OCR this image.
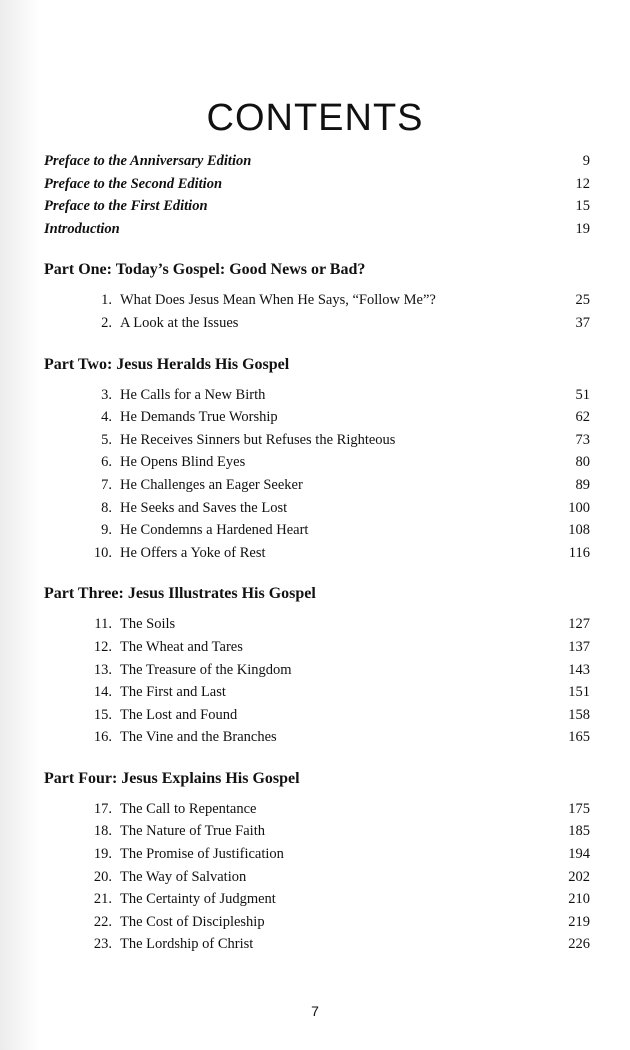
CONTENTS
Preface to the Anniversary Edition	9
Preface to the Second Edition	12
Preface to the First Edition	15
Introduction	19
Part One: Today’s Gospel: Good News or Bad?
1. What Does Jesus Mean When He Says, “Follow Me”?	25
2. A Look at the Issues	37
Part Two: Jesus Heralds His Gospel
3. He Calls for a New Birth	51
4. He Demands True Worship	62
5. He Receives Sinners but Refuses the Righteous	73
6. He Opens Blind Eyes	80
7. He Challenges an Eager Seeker	89
8. He Seeks and Saves the Lost	100
9. He Condemns a Hardened Heart	108
10. He Offers a Yoke of Rest	116
Part Three: Jesus Illustrates His Gospel
11. The Soils	127
12. The Wheat and Tares	137
13. The Treasure of the Kingdom	143
14. The First and Last	151
15. The Lost and Found	158
16. The Vine and the Branches	165
Part Four: Jesus Explains His Gospel
17. The Call to Repentance	175
18. The Nature of True Faith	185
19. The Promise of Justification	194
20. The Way of Salvation	202
21. The Certainty of Judgment	210
22. The Cost of Discipleship	219
23. The Lordship of Christ	226
7
